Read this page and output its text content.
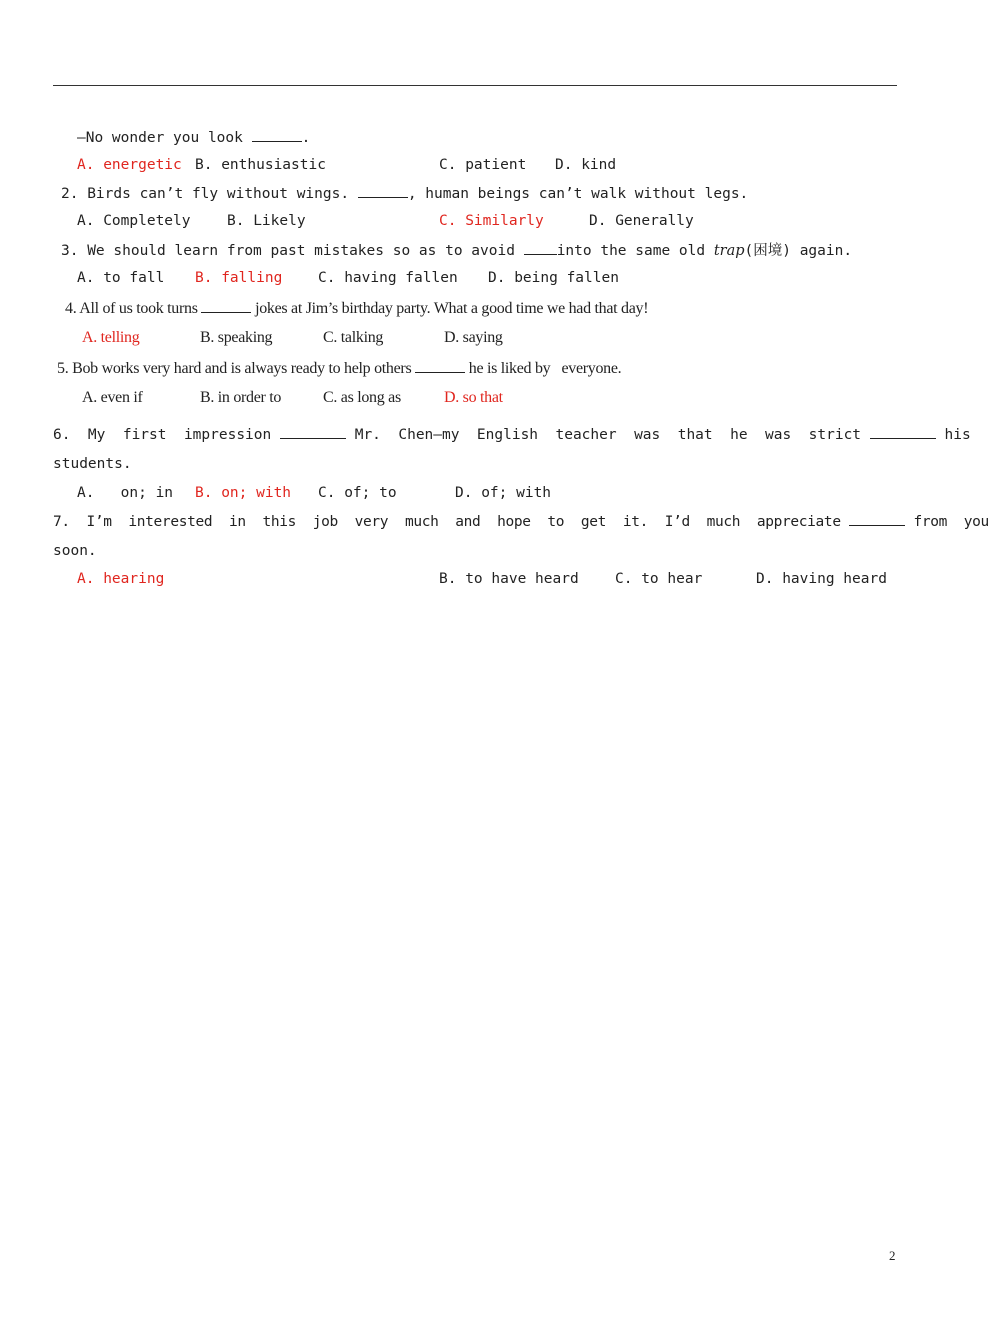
—No wonder you look	.
A. energetic B. enthusiastic	C. patient D. kind
2. Birds can’t fly without wings.	, human beings can’t walk without legs.
A. Completely	B. Likely	C. Similarly	D. Generally
3. We should learn from past mistakes so as to avoid into the same old trap(困境) again.
A. to fall B. falling C. having fallen D. being fallen
4. All of us took turns	jokes at Jim’s birthday party. What a good time we had that day!
A. telling	B. speaking	C. talking	D. saying
5. Bob works very hard and is always ready to help others	he is liked by   everyone.
A. even if	B. in order to	C. as long as	D. so that
6.  My  first  impression	Mr.  Chen—my  English  teacher  was  that  he  was  strict	his
students.
A.   on; in B. on; with C. of; to	D. of; with
7.  I’m  interested  in  this  job  very  much  and  hope  to  get  it.  I’d  much  appreciate	from  you
soon.
A. hearing	B. to have heard	C. to hear	D. having heard
2
